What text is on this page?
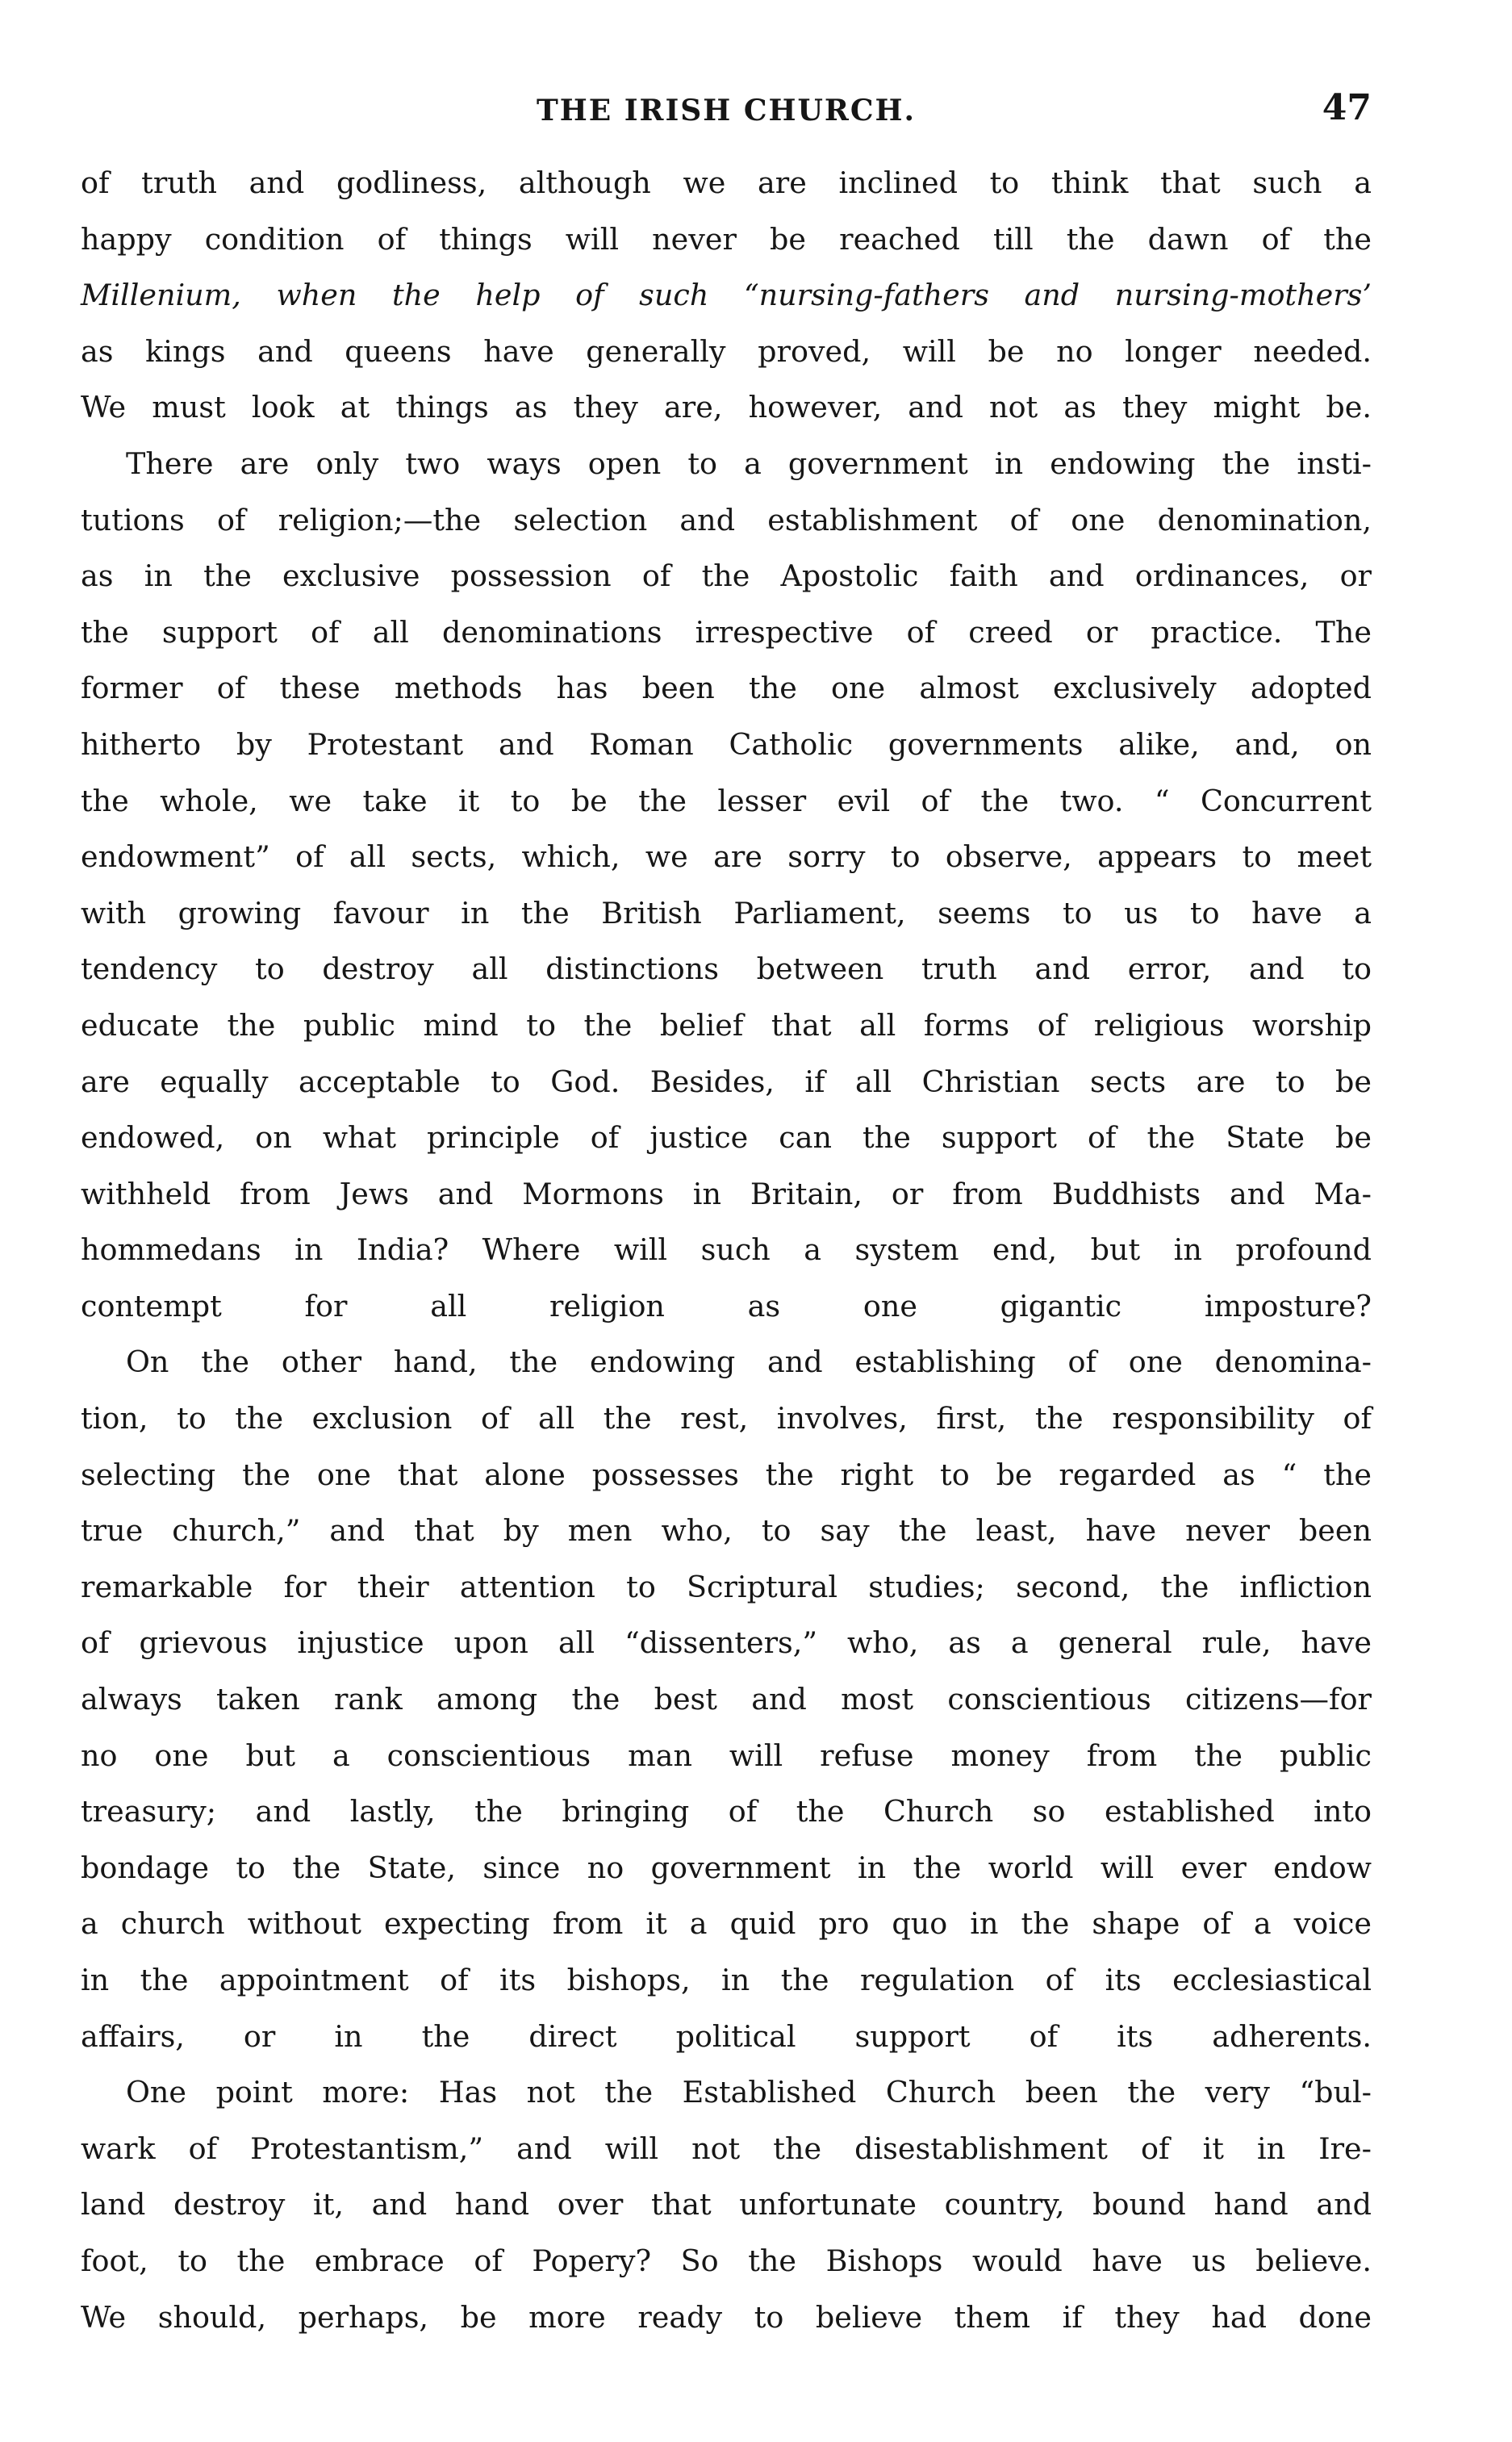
THE IRISH CHURCH.	47
of truth and godliness, although we are inclined to think that such a
happy condition of things will never be reached till the dawn of the
Millenium, when the help of such “nursing-fathers and nursing-mothers’
as kings and queens have generally proved, will be no longer needed.
We must look at things as they are, however, and not as they might be.
There are only two ways open to a government in endowing the insti-
tutions of religion;—the selection and establishment of one denomination,
as in the exclusive possession of the Apostolic faith and ordinances, or
the support of all denominations irrespective of creed or practice. The
former of these methods has been the one almost exclusively adopted
hitherto by Protestant and Roman Catholic governments alike, and, on
the whole, we take it to be the lesser evil of the two. “ Concurrent
endowment” of all sects, which, we are sorry to observe, appears to meet
with growing favour in the British Parliament, seems to us to have a
tendency to destroy all distinctions between truth and error, and to
educate the public mind to the belief that all forms of religious worship
are equally acceptable to God. Besides, if all Christian sects are to be
endowed, on what principle of justice can the support of the State be
withheld from Jews and Mormons in Britain, or from Buddhists and Ma-
hommedans in India? Where will such a system end, but in profound
contempt for all religion as one gigantic imposture?
On the other hand, the endowing and establishing of one denomina-
tion, to the exclusion of all the rest, involves, first, the responsibility of
selecting the one that alone possesses the right to be regarded as “ the
true church,” and that by men who, to say the least, have never been
remarkable for their attention to Scriptural studies; second, the infliction
of grievous injustice upon all “dissenters,” who, as a general rule, have
always taken rank among the best and most conscientious citizens—for
no one but a conscientious man will refuse money from the public
treasury; and lastly, the bringing of the Church so established into
bondage to the State, since no government in the world will ever endow
a church without expecting from it a quid pro quo in the shape of a voice
in the appointment of its bishops, in the regulation of its ecclesiastical
affairs, or in the direct political support of its adherents.
One point more: Has not the Established Church been the very “bul-
wark of Protestantism,” and will not the disestablishment of it in Ire-
land destroy it, and hand over that unfortunate country, bound hand and
foot, to the embrace of Popery? So the Bishops would have us believe.
We should, perhaps, be more ready to believe them if they had done
